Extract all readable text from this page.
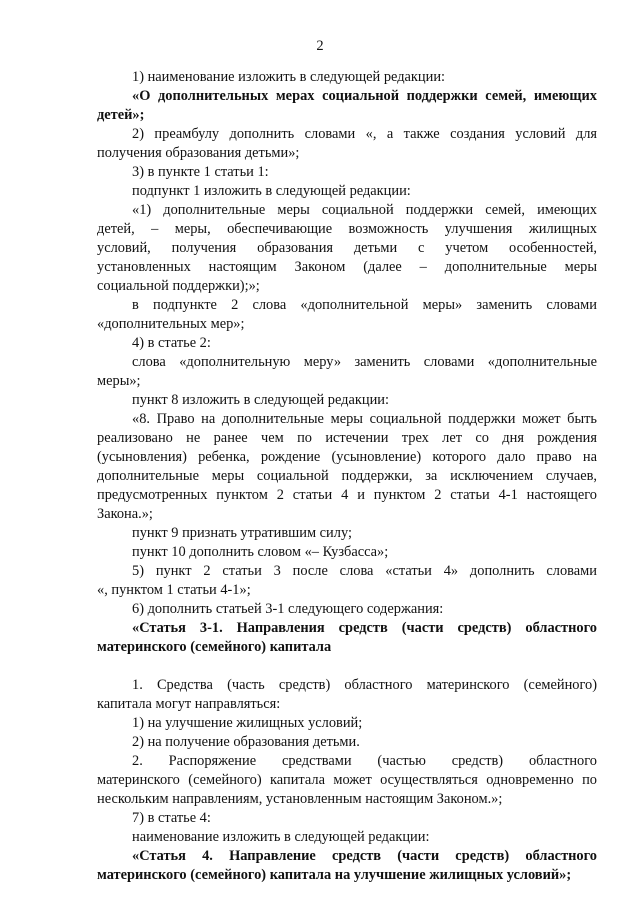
2

1) наименование изложить в следующей редакции:

«О дополнительных мерах социальной поддержки семей, имеющих

детей»;

2) преамбулу дополнить словами «, а также создания условий для

получения образования детьми»;

3) в пункте 1 статьи 1:

подпункт 1 изложить в следующей редакции:

«1) дополнительные меры социальной поддержки семей, имеющих

детей, – меры, обеспечивающие возможность улучшения жилищных

условий, получения образования детьми с учетом особенностей,

установленных настоящим Законом (далее – дополнительные меры

социальной поддержки);»;

в подпункте 2 слова «дополнительной меры» заменить словами

«дополнительных мер»;

4) в статье 2:

слова «дополнительную меру» заменить словами «дополнительные

меры»;

пункт 8 изложить в следующей редакции:

«8. Право на дополнительные меры социальной поддержки может быть

реализовано не ранее чем по истечении трех лет со дня рождения

(усыновления) ребенка, рождение (усыновление) которого дало право на

дополнительные меры социальной поддержки, за исключением случаев,

предусмотренных пунктом 2 статьи 4 и пунктом 2 статьи 4-1 настоящего

Закона.»;

пункт 9 признать утратившим силу;

пункт 10 дополнить словом «– Кузбасса»;

5) пункт 2 статьи 3 после слова «статьи 4» дополнить словами

«, пунктом 1 статьи 4-1»;

6) дополнить статьей 3-1 следующего содержания:

«Статья 3-1. Направления средств (части средств) областного

материнского (семейного) капитала

1. Средства (часть средств) областного материнского (семейного)

капитала могут направляться:

1) на улучшение жилищных условий;

2) на получение образования детьми.

2. Распоряжение средствами (частью средств) областного

материнского (семейного) капитала может осуществляться одновременно по

нескольким направлениям, установленным настоящим Законом.»;

7) в статье 4:

наименование изложить в следующей редакции:

«Статья 4. Направление средств (части средств) областного

материнского (семейного) капитала на улучшение жилищных условий»;
